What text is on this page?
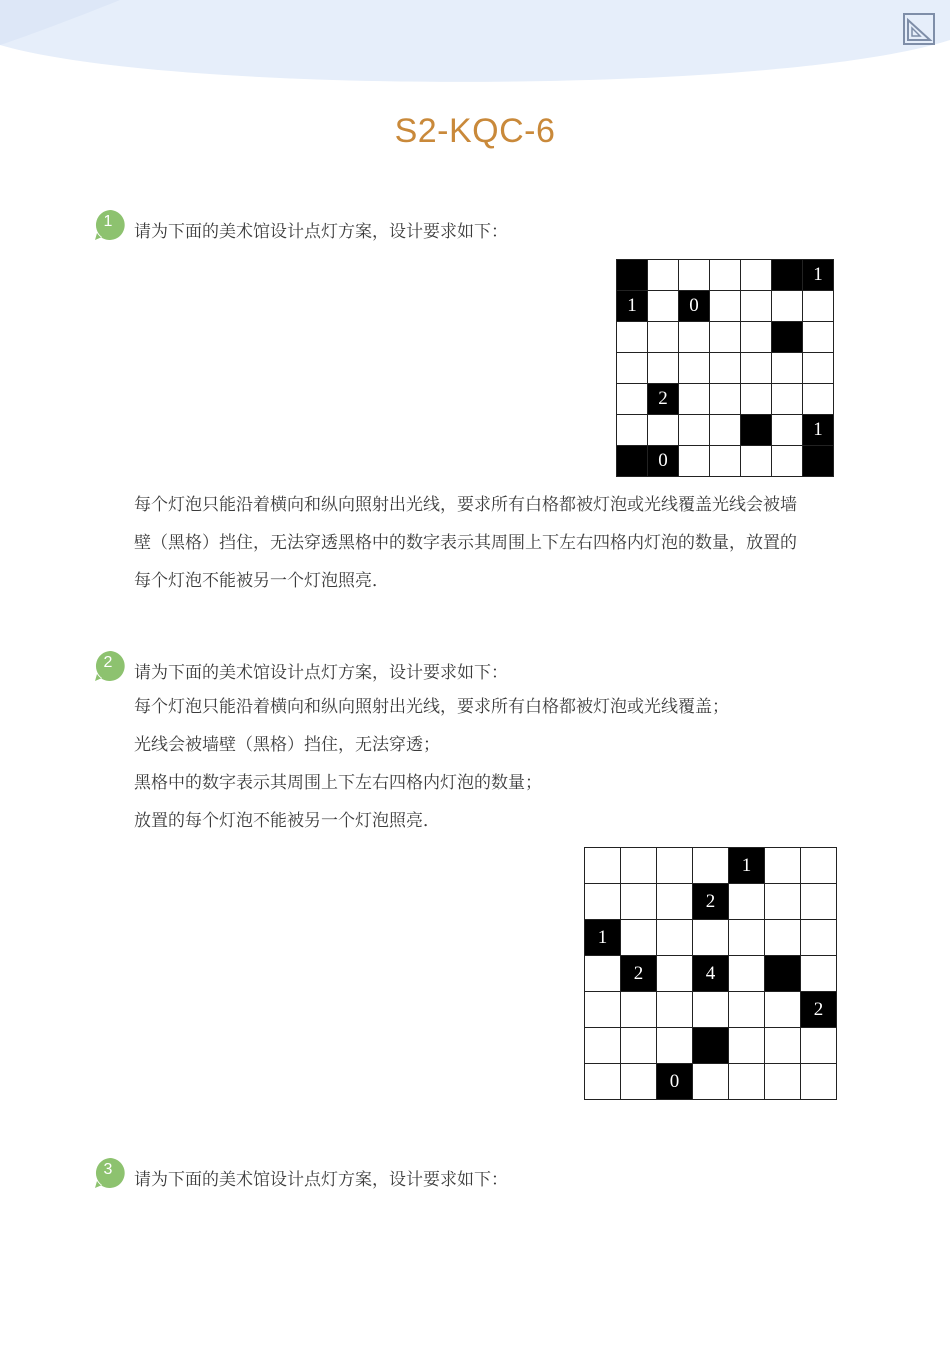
S2-KQC-6
1
请为下面的美术馆设计点灯方案，设计要求如下：
1
1	0
2
1
0
每个灯泡只能沿着横向和纵向照射出光线，要求所有白格都被灯泡或光线覆盖光线会被墙
壁（黑格）挡住，无法穿透黑格中的数字表示其周围上下左右四格内灯泡的数量，放置的
每个灯泡不能被另一个灯泡照亮．
2
请为下面的美术馆设计点灯方案，设计要求如下：
每个灯泡只能沿着横向和纵向照射出光线，要求所有白格都被灯泡或光线覆盖；
光线会被墙壁（黑格）挡住，无法穿透；
黑格中的数字表示其周围上下左右四格内灯泡的数量；
放置的每个灯泡不能被另一个灯泡照亮．
1
2
1
2	4
2
0
3
请为下面的美术馆设计点灯方案，设计要求如下：
